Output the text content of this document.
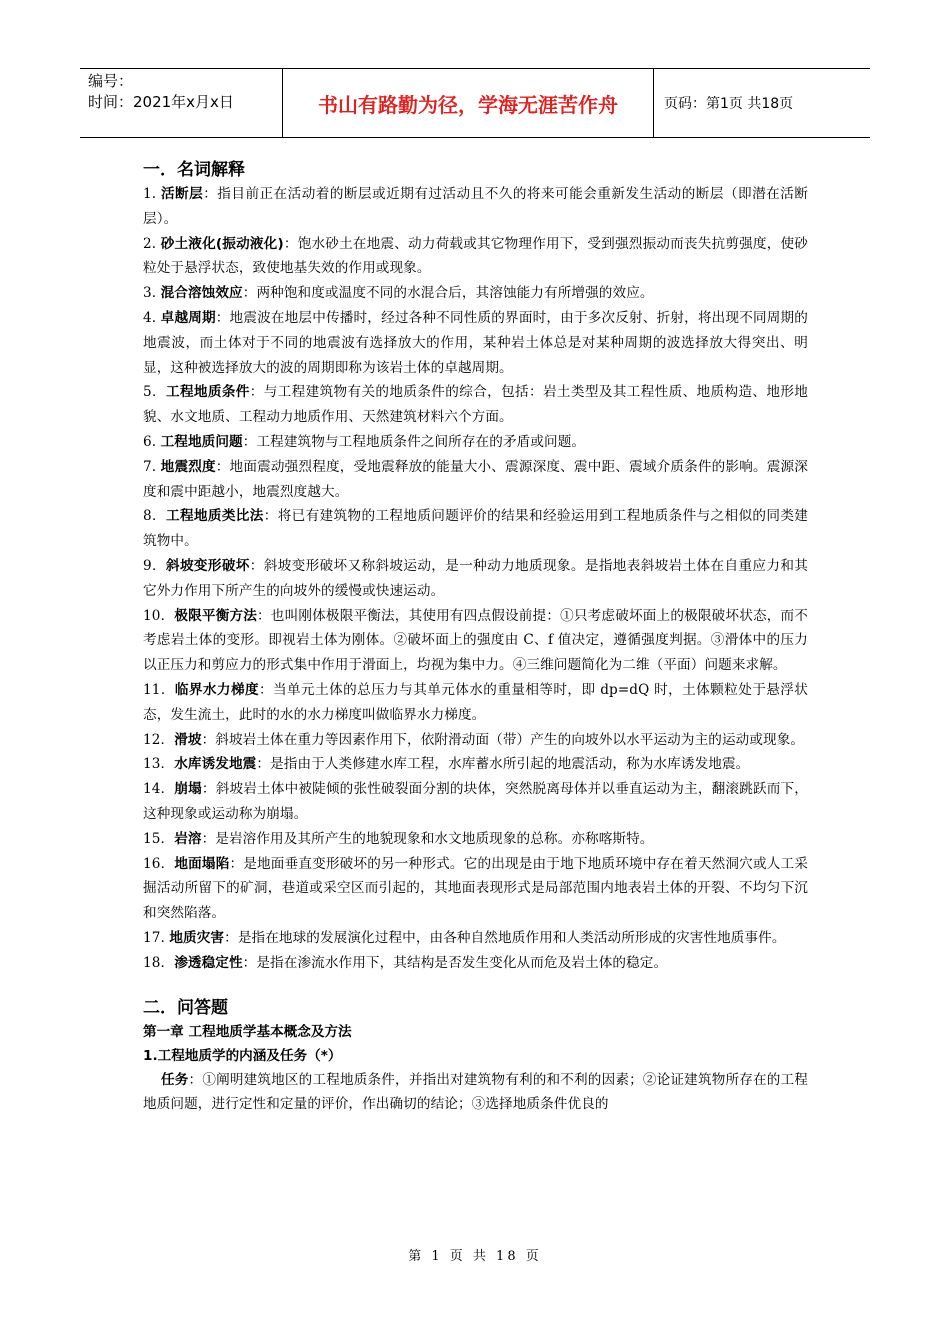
编号：
时间：2021年x月x日	书山有路勤为径，学海无涯苦作舟	页码：第1页 共18页
一．名词解释

1. 活断层：指目前正在活动着的断层或近期有过活动且不久的将来可能会重新发生活动的断层（即潜在活断层）。

2. 砂土液化(振动液化)：饱水砂土在地震、动力荷载或其它物理作用下，受到强烈振动而丧失抗剪强度，使砂粒处于悬浮状态，致使地基失效的作用或现象。

3. 混合溶蚀效应：两种饱和度或温度不同的水混合后，其溶蚀能力有所增强的效应。

4. 卓越周期：地震波在地层中传播时，经过各种不同性质的界面时，由于多次反射、折射，将出现不同周期的地震波，而土体对于不同的地震波有选择放大的作用，某种岩土体总是对某种周期的波选择放大得突出、明显，这种被选择放大的波的周期即称为该岩土体的卓越周期。

5．工程地质条件：与工程建筑物有关的地质条件的综合，包括：岩土类型及其工程性质、地质构造、地形地貌、水文地质、工程动力地质作用、天然建筑材料六个方面。

6. 工程地质问题：工程建筑物与工程地质条件之间所存在的矛盾或问题。

7. 地震烈度：地面震动强烈程度，受地震释放的能量大小、震源深度、震中距、震域介质条件的影响。震源深度和震中距越小，地震烈度越大。

8．工程地质类比法：将已有建筑物的工程地质问题评价的结果和经验运用到工程地质条件与之相似的同类建筑物中。

9．斜坡变形破坏：斜坡变形破坏又称斜坡运动，是一种动力地质现象。是指地表斜坡岩土体在自重应力和其它外力作用下所产生的向坡外的缓慢或快速运动。

10．极限平衡方法：也叫刚体极限平衡法，其使用有四点假设前提：①只考虑破坏面上的极限破坏状态，而不考虑岩土体的变形。即视岩土体为刚体。②破坏面上的强度由 C、f 值决定，遵循强度判据。③滑体中的压力以正压力和剪应力的形式集中作用于滑面上，均视为集中力。④三维问题简化为二维（平面）问题来求解。

11．临界水力梯度：当单元土体的总压力与其单元体水的重量相等时，即 dp=dQ 时，土体颗粒处于悬浮状态，发生流土，此时的水的水力梯度叫做临界水力梯度。

12．滑坡：斜坡岩土体在重力等因素作用下，依附滑动面（带）产生的向坡外以水平运动为主的运动或现象。

13．水库诱发地震：是指由于人类修建水库工程，水库蓄水所引起的地震活动，称为水库诱发地震。

14．崩塌：斜坡岩土体中被陡倾的张性破裂面分割的块体，突然脱离母体并以垂直运动为主，翻滚跳跃而下，这种现象或运动称为崩塌。

15．岩溶：是岩溶作用及其所产生的地貌现象和水文地质现象的总称。亦称喀斯特。

16．地面塌陷：是地面垂直变形破坏的另一种形式。它的出现是由于地下地质环境中存在着天然洞穴或人工采掘活动所留下的矿洞，巷道或采空区而引起的，其地面表现形式是局部范围内地表岩土体的开裂、不均匀下沉和突然陷落。

17. 地质灾害：是指在地球的发展演化过程中，由各种自然地质作用和人类活动所形成的灾害性地质事件。

18．渗透稳定性：是指在渗流水作用下，其结构是否发生变化从而危及岩土体的稳定。

二．问答题

第一章 工程地质学基本概念及方法

1.工程地质学的内涵及任务（*）

任务：①阐明建筑地区的工程地质条件，并指出对建筑物有利的和不利的因素；②论证建筑物所存在的工程地质问题，进行定性和定量的评价，作出确切的结论；③选择地质条件优良的

第 1 页 共 18 页
